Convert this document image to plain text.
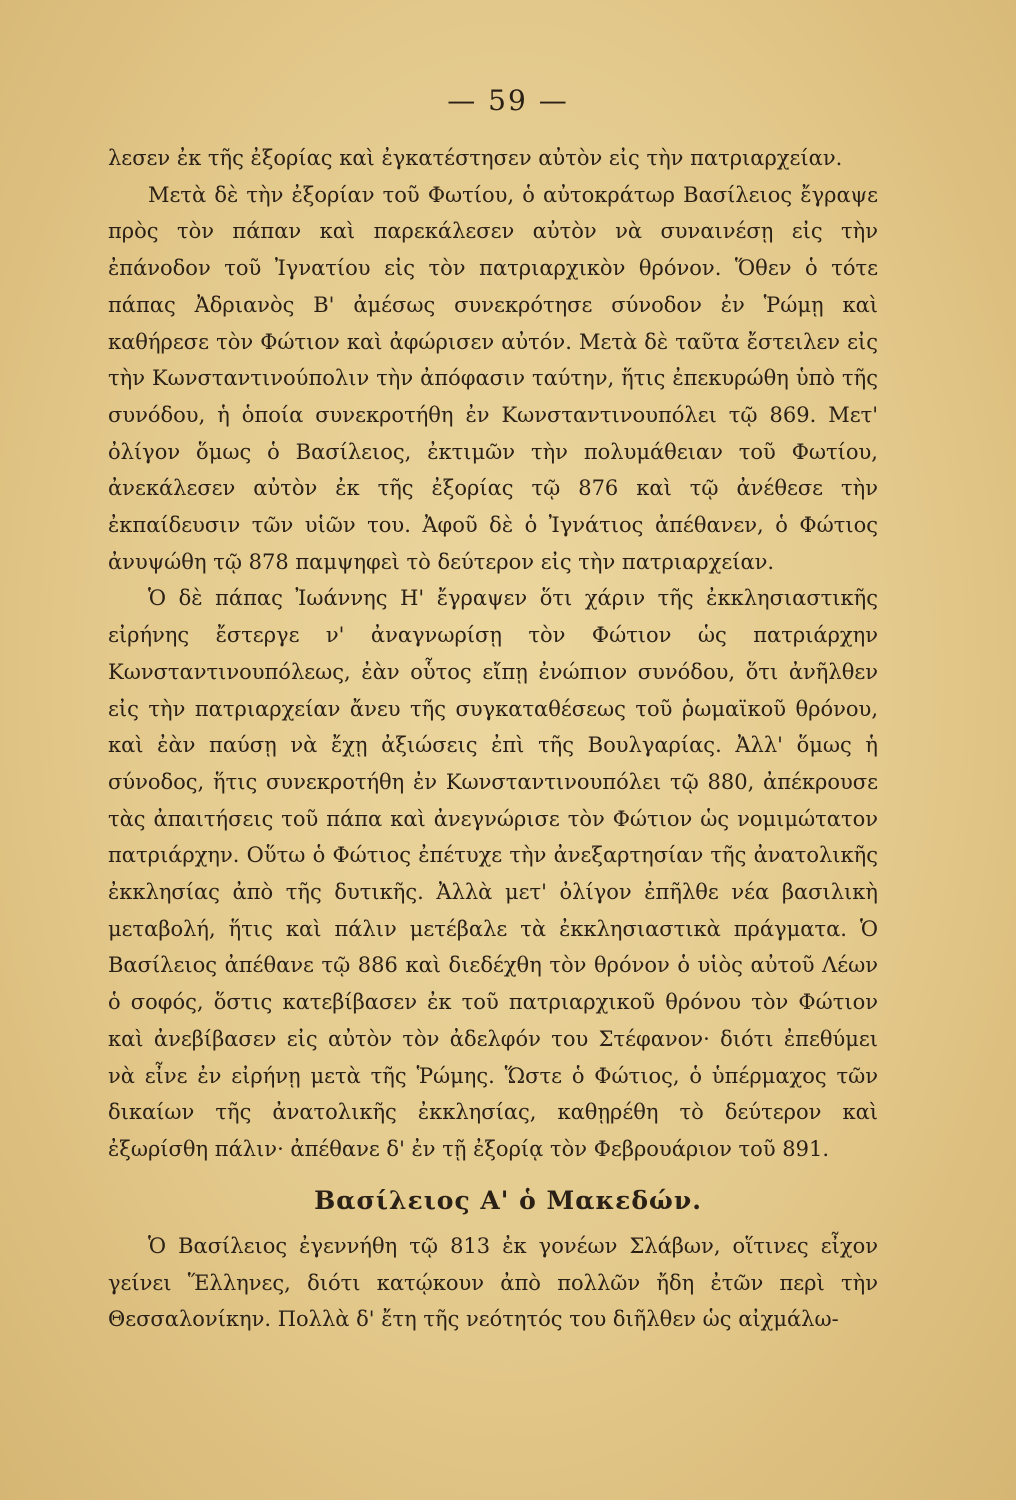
— 59 —

λεσεν ἐκ τῆς ἐξορίας καὶ ἐγκατέστησεν αὐτὸν εἰς τὴν πατριαρχείαν.

Μετὰ δὲ τὴν ἐξορίαν τοῦ Φωτίου, ὁ αὐτοκράτωρ Βασίλειος ἔγραψε πρὸς τὸν πάπαν καὶ παρεκάλεσεν αὐτὸν νὰ συναινέσῃ εἰς τὴν ἐπάνοδον τοῦ Ἰγνατίου εἰς τὸν πατριαρχικὸν θρόνον. Ὅθεν ὁ τότε πάπας Ἀδριανὸς Β' ἀμέσως συνεκρότησε σύνοδον ἐν Ῥώμῃ καὶ καθήρεσε τὸν Φώτιον καὶ ἀφώρισεν αὐτόν. Μετὰ δὲ ταῦτα ἔστειλεν εἰς τὴν Κωνσταντινούπολιν τὴν ἀπόφασιν ταύτην, ἥτις ἐπεκυρώθη ὑπὸ τῆς συνόδου, ἡ ὁποία συνεκροτήθη ἐν Κωνσταντινουπόλει τῷ 869. Μετ' ὀλίγον ὅμως ὁ Βασίλειος, ἐκτιμῶν τὴν πολυμάθειαν τοῦ Φωτίου, ἀνεκάλεσεν αὐτὸν ἐκ τῆς ἐξορίας τῷ 876 καὶ τῷ ἀνέθεσε τὴν ἐκπαίδευσιν τῶν υἱῶν του. Ἀφοῦ δὲ ὁ Ἰγνάτιος ἀπέθανεν, ὁ Φώτιος ἀνυψώθη τῷ 878 παμψηφεὶ τὸ δεύτερον εἰς τὴν πατριαρχείαν.

Ὁ δὲ πάπας Ἰωάννης Η' ἔγραψεν ὅτι χάριν τῆς ἐκκλησιαστικῆς εἰρήνης ἔστεργε ν' ἀναγνωρίσῃ τὸν Φώτιον ὡς πατριάρχην Κωνσταντινουπόλεως, ἐὰν οὗτος εἴπῃ ἐνώπιον συνόδου, ὅτι ἀνῆλθεν εἰς τὴν πατριαρχείαν ἄνευ τῆς συγκαταθέσεως τοῦ ῥωμαϊκοῦ θρόνου, καὶ ἐὰν παύσῃ νὰ ἔχῃ ἀξιώσεις ἐπὶ τῆς Βουλγαρίας. Ἀλλ' ὅμως ἡ σύνοδος, ἥτις συνεκροτήθη ἐν Κωνσταντινουπόλει τῷ 880, ἀπέκρουσε τὰς ἀπαιτήσεις τοῦ πάπα καὶ ἀνεγνώρισε τὸν Φώτιον ὡς νομιμώτατον πατριάρχην. Οὕτω ὁ Φώτιος ἐπέτυχε τὴν ἀνεξαρτησίαν τῆς ἀνατολικῆς ἐκκλησίας ἀπὸ τῆς δυτικῆς. Ἀλλὰ μετ' ὀλίγον ἐπῆλθε νέα βασιλικὴ μεταβολή, ἥτις καὶ πάλιν μετέβαλε τὰ ἐκκλησιαστικὰ πράγματα. Ὁ Βασίλειος ἀπέθανε τῷ 886 καὶ διεδέχθη τὸν θρόνον ὁ υἱὸς αὐτοῦ Λέων ὁ σοφός, ὅστις κατεβίβασεν ἐκ τοῦ πατριαρχικοῦ θρόνου τὸν Φώτιον καὶ ἀνεβίβασεν εἰς αὐτὸν τὸν ἀδελφόν του Στέφανον· διότι ἐπεθύμει νὰ εἶνε ἐν εἰρήνῃ μετὰ τῆς Ῥώμης. Ὥστε ὁ Φώτιος, ὁ ὑπέρμαχος τῶν δικαίων τῆς ἀνατολικῆς ἐκκλησίας, καθῃρέθη τὸ δεύτερον καὶ ἐξωρίσθη πάλιν· ἀπέθανε δ' ἐν τῇ ἐξορίᾳ τὸν Φεβρουάριον τοῦ 891.

Βασίλειος Α' ὁ Μακεδών.

Ὁ Βασίλειος ἐγεννήθη τῷ 813 ἐκ γονέων Σλάβων, οἵτινες εἶχον γείνει Ἕλληνες, διότι κατῴκουν ἀπὸ πολλῶν ἤδη ἐτῶν περὶ τὴν Θεσσαλονίκην. Πολλὰ δ' ἔτη τῆς νεότητός του διῆλθεν ὡς αἰχμάλω-
